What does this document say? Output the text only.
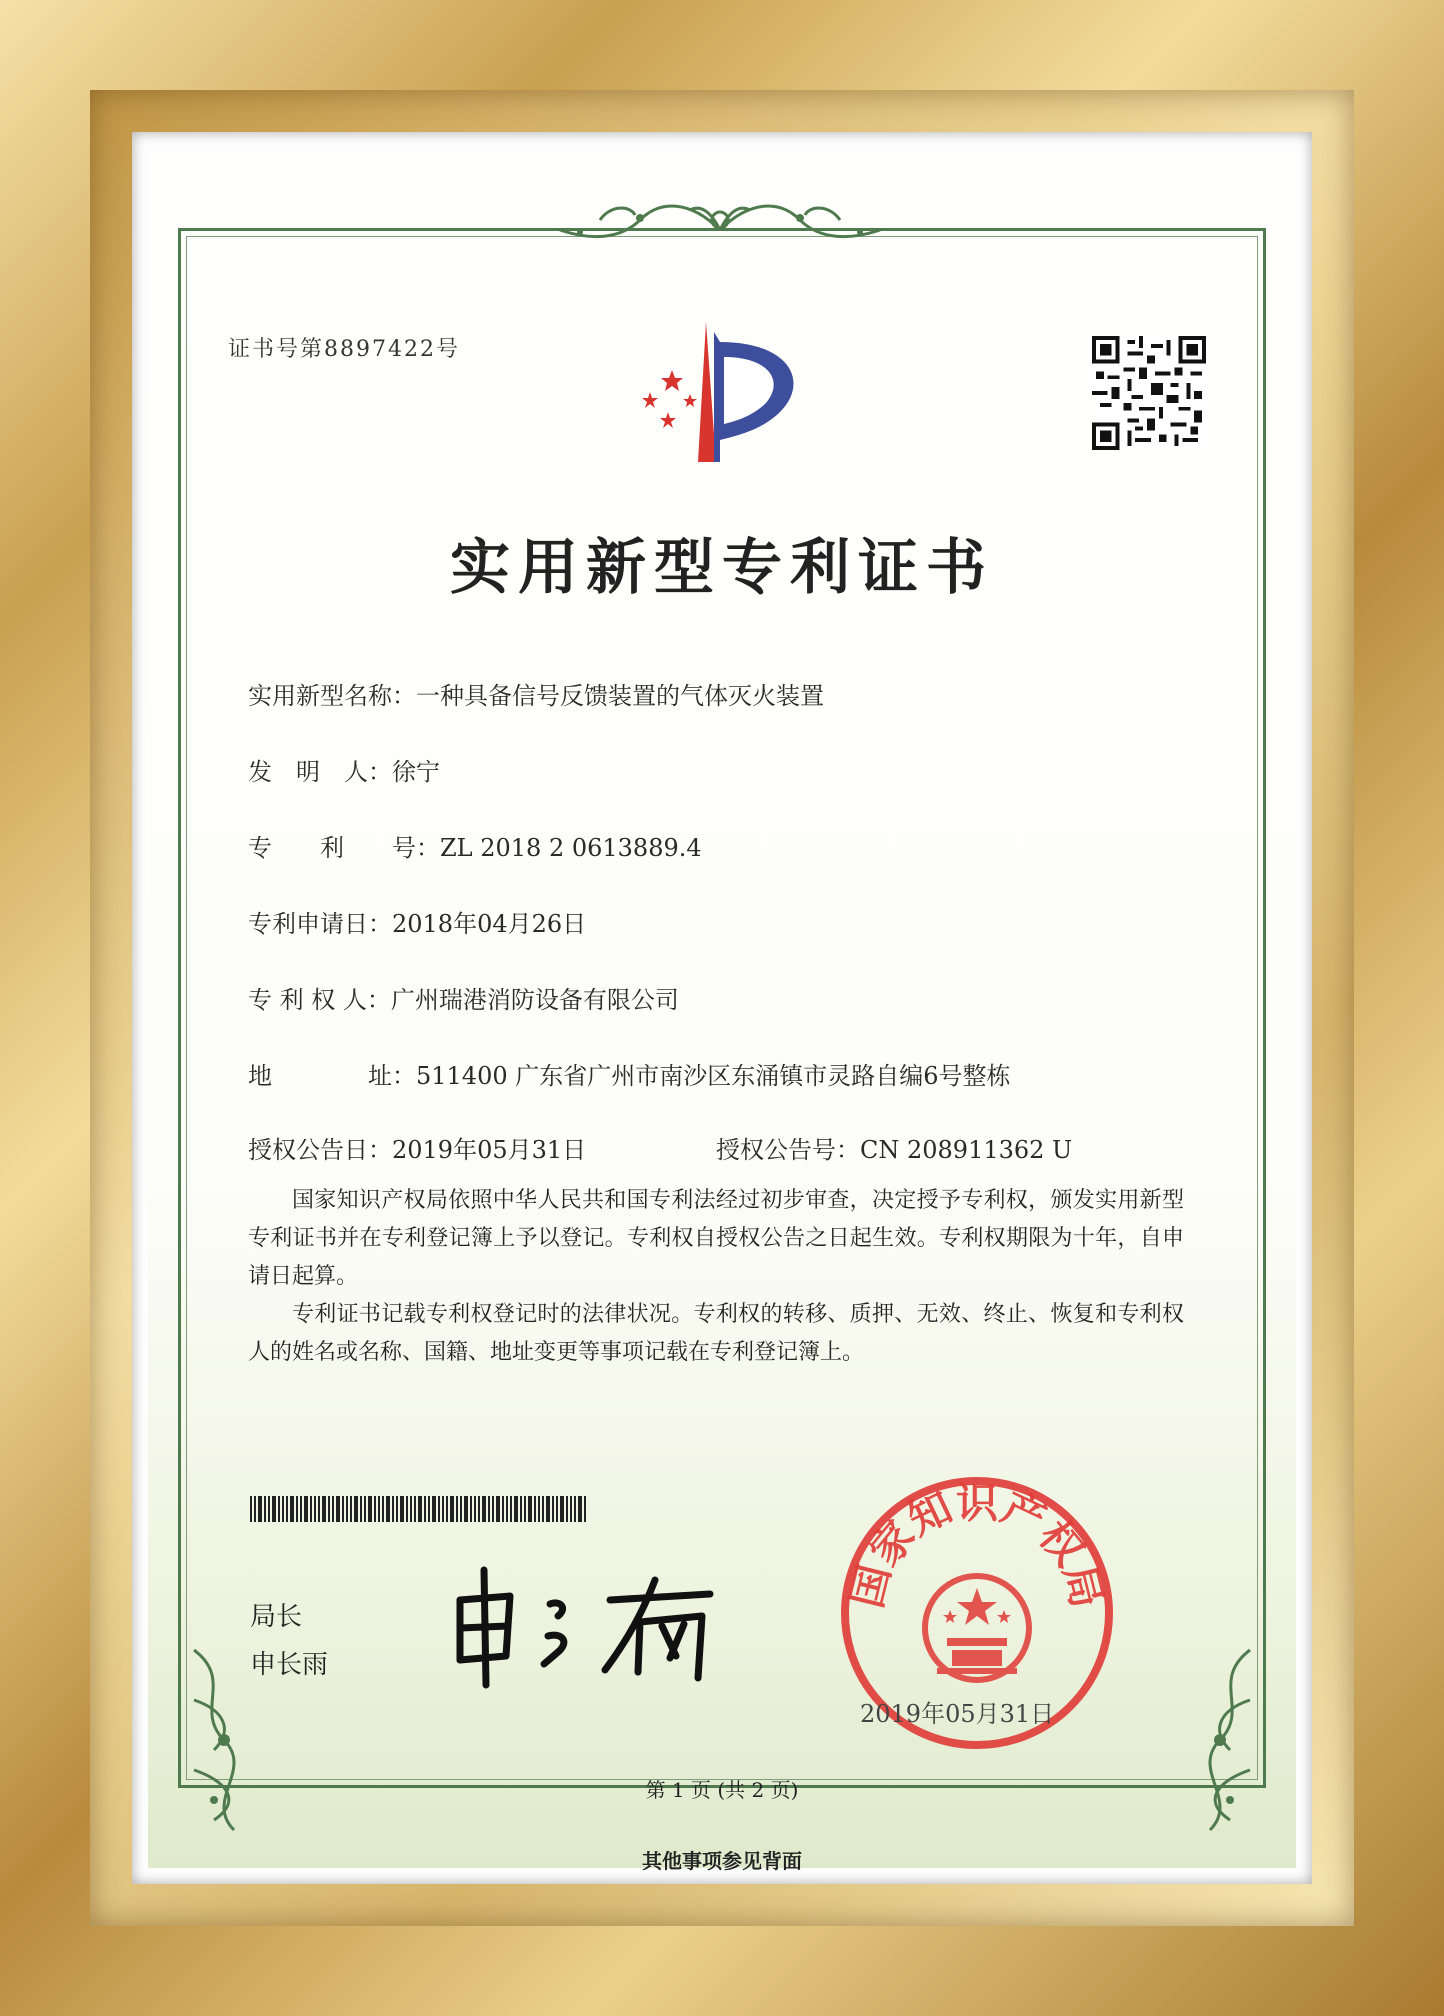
证书号第8897422号
实用新型专利证书
实用新型名称：一种具备信号反馈装置的气体灭火装置
发　明　人：徐宁
专　　利　　号：ZL 2018 2 0613889.4
专利申请日：2018年04月26日
专 利 权 人：广州瑞港消防设备有限公司
地　　　　址：511400 广东省广州市南沙区东涌镇市灵路自编6号整栋
授权公告日：2019年05月31日	授权公告号：CN 208911362 U
国家知识产权局依照中华人民共和国专利法经过初步审查，决定授予专利权，颁发实用新型专利证书并在专利登记簿上予以登记。专利权自授权公告之日起生效。专利权期限为十年，自申请日起算。
专利证书记载专利权登记时的法律状况。专利权的转移、质押、无效、终止、恢复和专利权人的姓名或名称、国籍、地址变更等事项记载在专利登记簿上。
局长
申长雨
国家知识产权局
2019年05月31日
第 1 页 (共 2 页)
其他事项参见背面
